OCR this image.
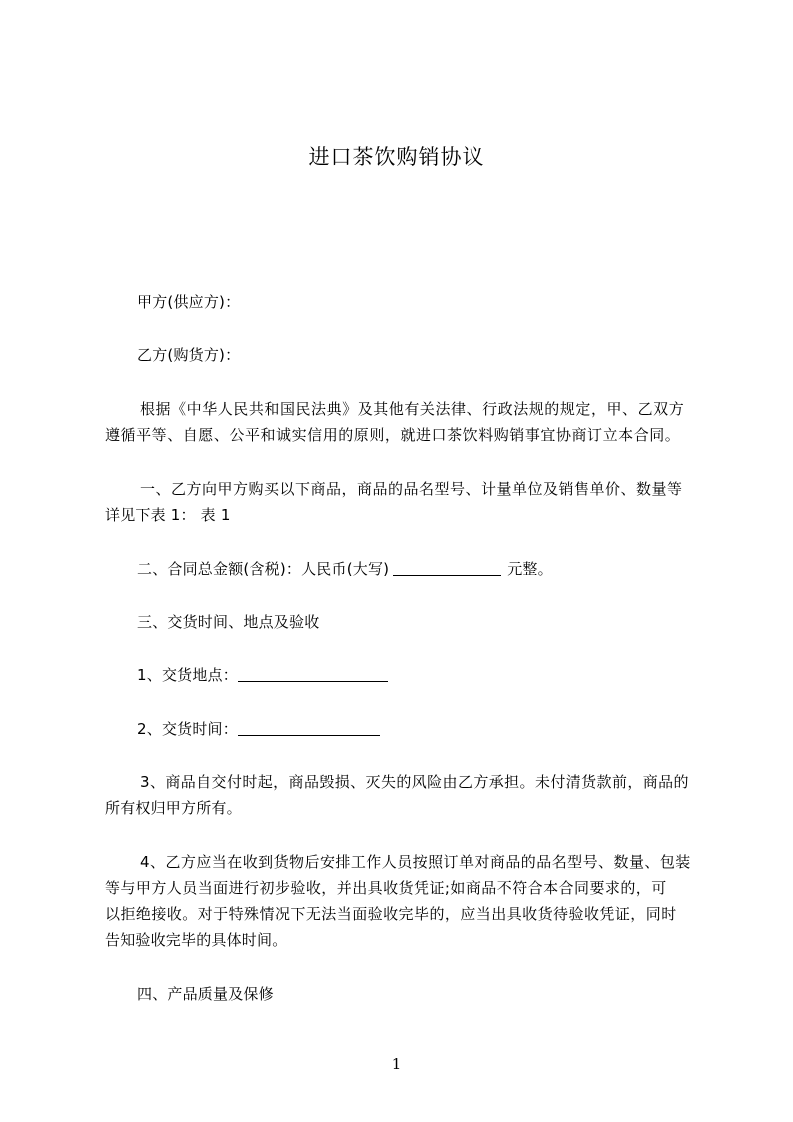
进口茶饮购销协议
甲方(供应方)：
乙方(购货方)：
根据《中华人民共和国民法典》及其他有关法律、行政法规的规定，甲、乙双方
遵循平等、自愿、公平和诚实信用的原则，就进口茶饮料购销事宜协商订立本合同。
一、乙方向甲方购买以下商品，商品的品名型号、计量单位及销售单价、数量等
详见下表 1： 表 1
二、合同总金额(含税)：人民币(大写)	元整。
三、交货时间、地点及验收
1、交货地点：
2、交货时间：
3、商品自交付时起，商品毁损、灭失的风险由乙方承担。未付清货款前，商品的
所有权归甲方所有。
4、乙方应当在收到货物后安排工作人员按照订单对商品的品名型号、数量、包装
等与甲方人员当面进行初步验收，并出具收货凭证;如商品不符合本合同要求的，可
以拒绝接收。对于特殊情况下无法当面验收完毕的，应当出具收货待验收凭证，同时
告知验收完毕的具体时间。
四、产品质量及保修
1
